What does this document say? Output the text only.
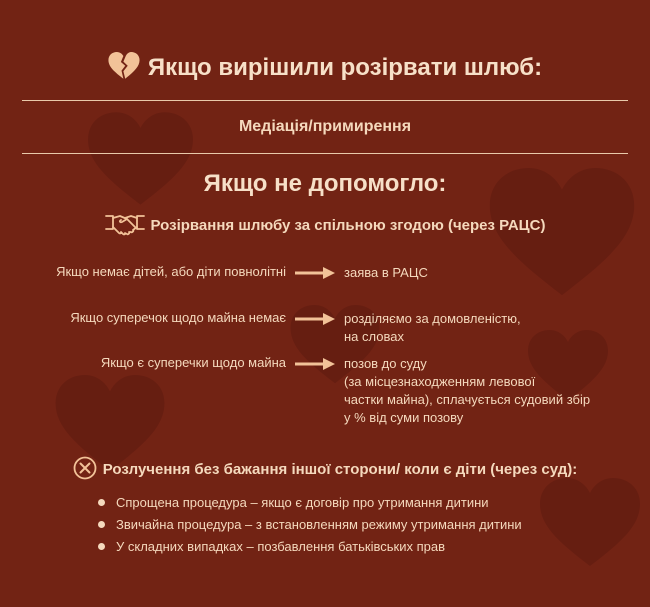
Якщо вирішили розірвати шлюб:
Медіація/примирення
Якщо не допомогло:
Розірвання шлюбу за спільною згодою (через РАЦС)
Якщо немає дітей, або діти повнолітні	заява в РАЦС
Якщо суперечок щодо майна немає	розділяємо за домовленістю,
на словах
Якщо є суперечки щодо майна	позов до суду
(за місцезнаходженням левової
частки майна), сплачується судовий збір
у % від суми позову
Розлучення без бажання іншої сторони/ коли є діти (через суд):
Спрощена процедура – якщо є договір про утримання дитини
Звичайна процедура – з встановленням режиму утримання дитини
У складних випадках – позбавлення батьківських прав
